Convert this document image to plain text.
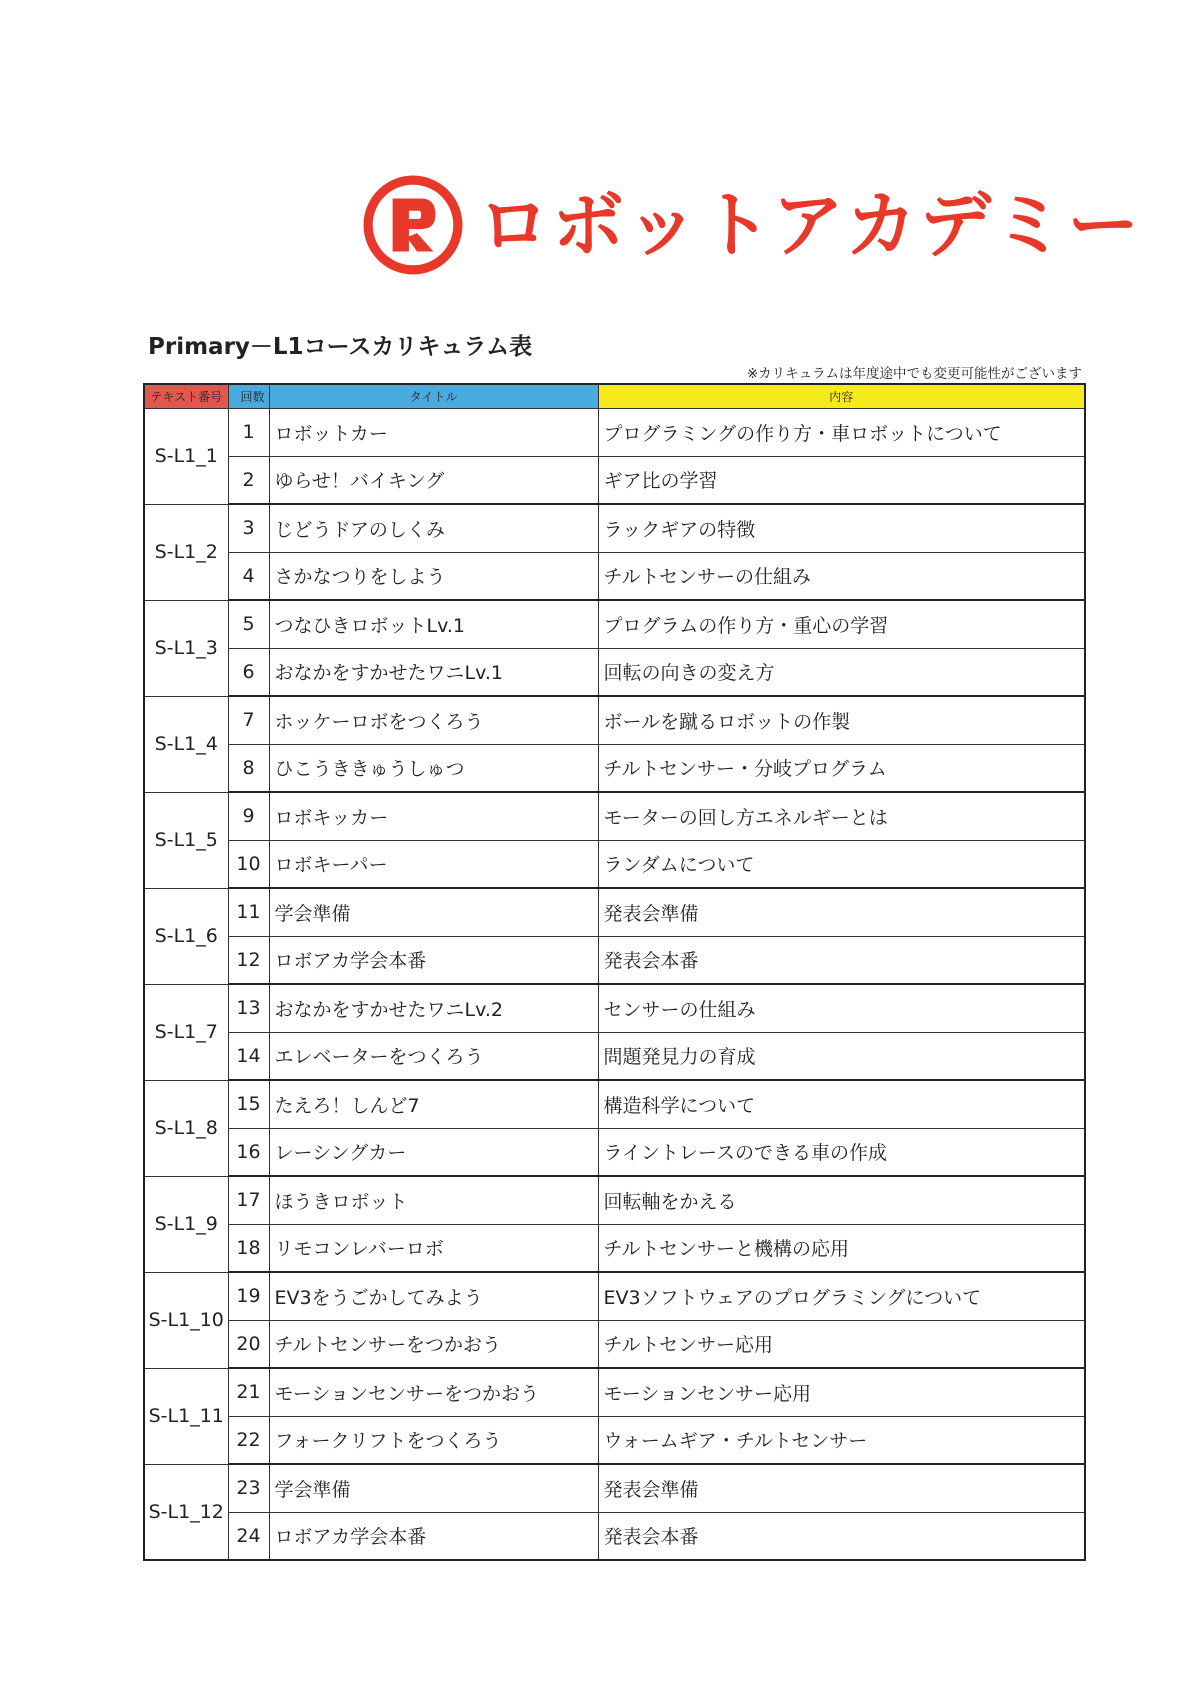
ロボットアカデミー
Primary－L1コースカリキュラム表
※カリキュラムは年度途中でも変更可能性がございます
テキスト番号	回数	タイトル	内容
S-L1_1	1	ロボットカー	プログラミングの作り方・車ロボットについて
	2	ゆらせ！バイキング	ギア比の学習
S-L1_2	3	じどうドアのしくみ	ラックギアの特徴
	4	さかなつりをしよう	チルトセンサーの仕組み
S-L1_3	5	つなひきロボットLv.1	プログラムの作り方・重心の学習
	6	おなかをすかせたワニLv.1	回転の向きの変え方
S-L1_4	7	ホッケーロボをつくろう	ボールを蹴るロボットの作製
	8	ひこうききゅうしゅつ	チルトセンサー・分岐プログラム
S-L1_5	9	ロボキッカー	モーターの回し方エネルギーとは
	10	ロボキーパー	ランダムについて
S-L1_6	11	学会準備	発表会準備
	12	ロボアカ学会本番	発表会本番
S-L1_7	13	おなかをすかせたワニLv.2	センサーの仕組み
	14	エレベーターをつくろう	問題発見力の育成
S-L1_8	15	たえろ！しんど7	構造科学について
	16	レーシングカー	ライントレースのできる車の作成
S-L1_9	17	ほうきロボット	回転軸をかえる
	18	リモコンレバーロボ	チルトセンサーと機構の応用
S-L1_10	19	EV3をうごかしてみよう	EV3ソフトウェアのプログラミングについて
	20	チルトセンサーをつかおう	チルトセンサー応用
S-L1_11	21	モーションセンサーをつかおう	モーションセンサー応用
	22	フォークリフトをつくろう	ウォームギア・チルトセンサー
S-L1_12	23	学会準備	発表会準備
	24	ロボアカ学会本番	発表会本番
